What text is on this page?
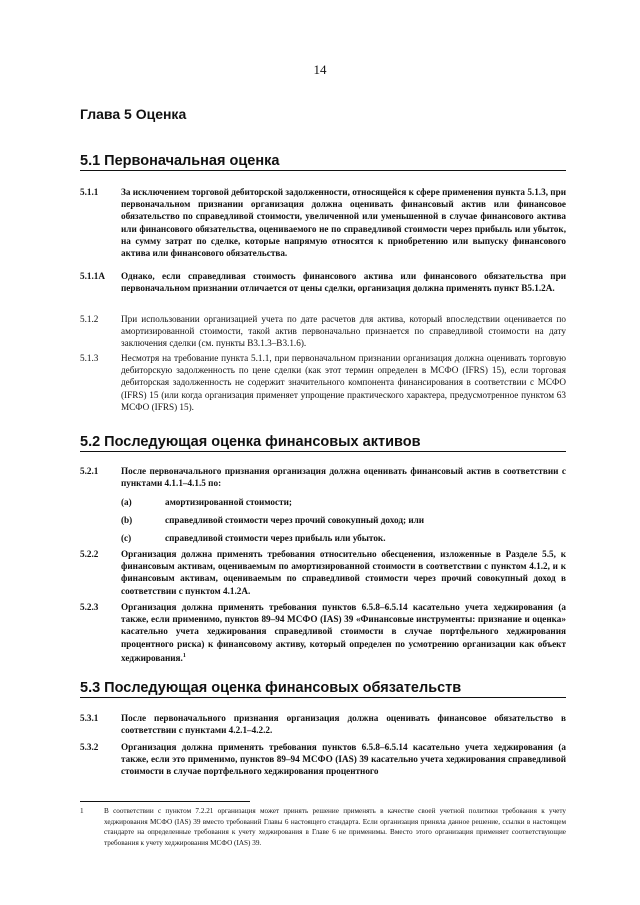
14
Глава 5 Оценка
5.1 Первоначальная оценка
5.1.1	За исключением торговой дебиторской задолженности, относящейся к сфере применения пункта 5.1.3, при первоначальном признании организация должна оценивать финансовый актив или финансовое обязательство по справедливой стоимости, увеличенной или уменьшенной в случае финансового актива или финансового обязательства, оцениваемого не по справедливой стоимости через прибыль или убыток, на сумму затрат по сделке, которые напрямую относятся к приобретению или выпуску финансового актива или финансового обязательства.
5.1.1A	Однако, если справедливая стоимость финансового актива или финансового обязательства при первоначальном признании отличается от цены сделки, организация должна применять пункт B5.1.2A.
5.1.2	При использовании организацией учета по дате расчетов для актива, который впоследствии оценивается по амортизированной стоимости, такой актив первоначально признается по справедливой стоимости на дату заключения сделки (см. пункты B3.1.3–B3.1.6).
5.1.3	Несмотря на требование пункта 5.1.1, при первоначальном признании организация должна оценивать торговую дебиторскую задолженность по цене сделки (как этот термин определен в МСФО (IFRS) 15), если торговая дебиторская задолженность не содержит значительного компонента финансирования в соответствии с МСФО (IFRS) 15 (или когда организация применяет упрощение практического характера, предусмотренное пунктом 63 МСФО (IFRS) 15).
5.2 Последующая оценка финансовых активов
5.2.1	После первоначального признания организация должна оценивать финансовый актив в соответствии с пунктами 4.1.1–4.1.5 по:
(a)	амортизированной стоимости;
(b)	справедливой стоимости через прочий совокупный доход; или
(c)	справедливой стоимости через прибыль или убыток.
5.2.2	Организация должна применять требования относительно обесценения, изложенные в Разделе 5.5, к финансовым активам, оцениваемым по амортизированной стоимости в соответствии с пунктом 4.1.2, и к финансовым активам, оцениваемым по справедливой стоимости через прочий совокупный доход в соответствии с пунктом 4.1.2A.
5.2.3	Организация должна применять требования пунктов 6.5.8–6.5.14 касательно учета хеджирования (а также, если применимо, пунктов 89–94 МСФО (IAS) 39 «Финансовые инструменты: признание и оценка» касательно учета хеджирования справедливой стоимости в случае портфельного хеджирования процентного риска) к финансовому активу, который определен по усмотрению организации как объект хеджирования.$^1$
5.3 Последующая оценка финансовых обязательств
5.3.1	После первоначального признания организация должна оценивать финансовое обязательство в соответствии с пунктами 4.2.1–4.2.2.
5.3.2	Организация должна применять требования пунктов 6.5.8–6.5.14 касательно учета хеджирования (а также, если это применимо, пунктов 89–94 МСФО (IAS) 39 касательно учета хеджирования справедливой стоимости в случае портфельного хеджирования процентного
1	В соответствии с пунктом 7.2.21 организация может принять решение применять в качестве своей учетной политики требования к учету хеджирования МСФО (IAS) 39 вместо требований Главы 6 настоящего стандарта. Если организация приняла данное решение, ссылки в настоящем стандарте на определенные требования к учету хеджирования в Главе 6 не применимы. Вместо этого организация применяет соответствующие требования к учету хеджирования МСФО (IAS) 39.
